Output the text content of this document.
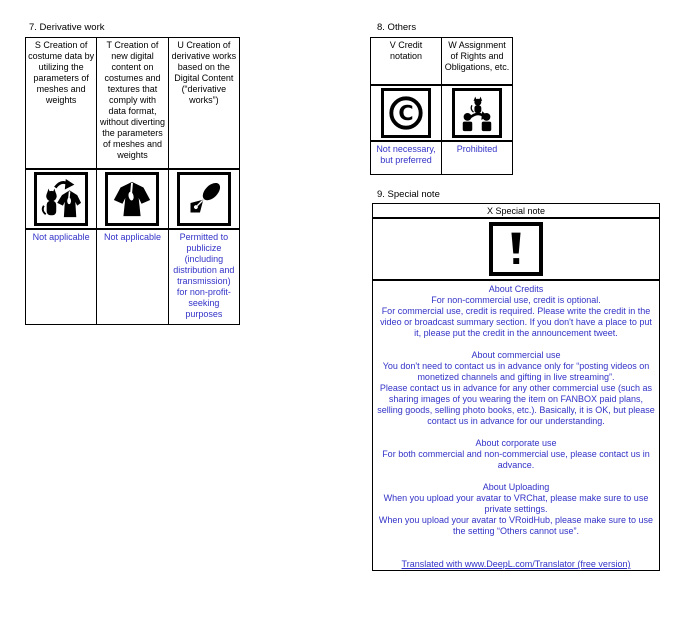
7. Derivative work
S Creation of costume data by utilizing the parameters of meshes and weights	T Creation of new digital content on costumes and textures that comply with data format, without diverting the parameters of meshes and weights	U Creation of derivative works based on the Digital Content (“derivative works”)

Not applicable	Not applicable	Permitted to publicize (including distribution and transmission) for non-profit-seeking purposes
8. Others
V Credit notation	W Assignment of Rights and Obligations, etc.

C

Not necessary, but preferred	Prohibited
9. Special note
X Special note

About Credits
For non-commercial use, credit is optional.
For commercial use, credit is required. Please write the credit in the video or broadcast summary section. If you don't have a place to put it, please put the credit in the announcement tweet.
About commercial use
You don't need to contact us in advance only for “posting videos on monetized channels and gifting in live streaming”.
Please contact us in advance for any other commercial use (such as sharing images of you wearing the item on FANBOX paid plans, selling goods, selling photo books, etc.). Basically, it is OK, but please contact us in advance for our understanding.
About corporate use
For both commercial and non-commercial use, please contact us in advance.
About Uploading
When you upload your avatar to VRChat, please make sure to use private settings.
When you upload your avatar to VRoidHub, please make sure to use the setting “Others cannot use”.
Translated with www.DeepL.com/Translator (free version)
